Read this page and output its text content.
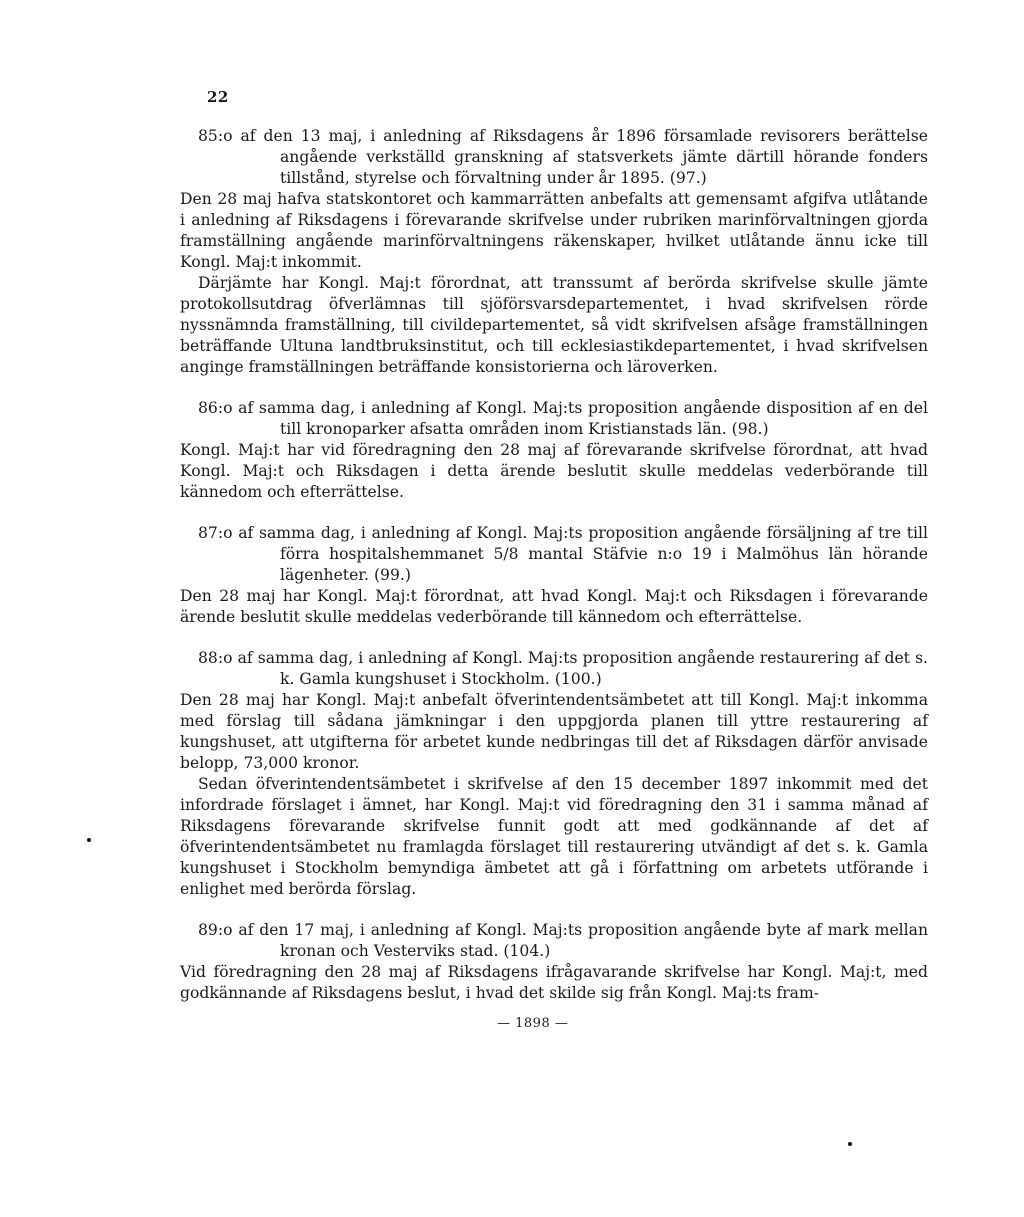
22

85:o af den 13 maj, i anledning af Riksdagens år 1896 församlade revisorers berättelse angående verkställd granskning af statsverkets jämte därtill hörande fonders tillstånd, styrelse och förvaltning under år 1895. (97.)

Den 28 maj hafva statskontoret och kammarrätten anbefalts att gemensamt afgifva utlåtande i anledning af Riksdagens i förevarande skrifvelse under rubriken marinförvaltningen gjorda framställning angående marinförvaltningens räkenskaper, hvilket utlåtande ännu icke till Kongl. Maj:t inkommit.

Därjämte har Kongl. Maj:t förordnat, att transsumt af berörda skrifvelse skulle jämte protokollsutdrag öfverlämnas till sjöförsvarsdepartementet, i hvad skrifvelsen rörde nyssnämnda framställning, till civildepartementet, så vidt skrifvelsen afsåge framställningen beträffande Ultuna landtbruksinstitut, och till ecklesiastikdepartementet, i hvad skrifvelsen anginge framställningen beträffande konsistorierna och läroverken.

86:o af samma dag, i anledning af Kongl. Maj:ts proposition angående disposition af en del till kronoparker afsatta områden inom Kristianstads län. (98.)

Kongl. Maj:t har vid föredragning den 28 maj af förevarande skrifvelse förordnat, att hvad Kongl. Maj:t och Riksdagen i detta ärende beslutit skulle meddelas vederbörande till kännedom och efterrättelse.

87:o af samma dag, i anledning af Kongl. Maj:ts proposition angående försäljning af tre till förra hospitalshemmanet 5/8 mantal Stäfvie n:o 19 i Malmöhus län hörande lägenheter. (99.)

Den 28 maj har Kongl. Maj:t förordnat, att hvad Kongl. Maj:t och Riksdagen i förevarande ärende beslutit skulle meddelas vederbörande till kännedom och efterrättelse.

88:o af samma dag, i anledning af Kongl. Maj:ts proposition angående restaurering af det s. k. Gamla kungshuset i Stockholm. (100.)

Den 28 maj har Kongl. Maj:t anbefalt öfverintendentsämbetet att till Kongl. Maj:t inkomma med förslag till sådana jämkningar i den uppgjorda planen till yttre restaurering af kungshuset, att utgifterna för arbetet kunde nedbringas till det af Riksdagen därför anvisade belopp, 73,000 kronor.

Sedan öfverintendentsämbetet i skrifvelse af den 15 december 1897 inkommit med det infordrade förslaget i ämnet, har Kongl. Maj:t vid föredragning den 31 i samma månad af Riksdagens förevarande skrifvelse funnit godt att med godkännande af det af öfverintendentsämbetet nu framlagda förslaget till restaurering utvändigt af det s. k. Gamla kungshuset i Stockholm bemyndiga ämbetet att gå i författning om arbetets utförande i enlighet med berörda förslag.

89:o af den 17 maj, i anledning af Kongl. Maj:ts proposition angående byte af mark mellan kronan och Vesterviks stad. (104.)

Vid föredragning den 28 maj af Riksdagens ifrågavarande skrifvelse har Kongl. Maj:t, med godkännande af Riksdagens beslut, i hvad det skilde sig från Kongl. Maj:ts fram-

— 1898 —
